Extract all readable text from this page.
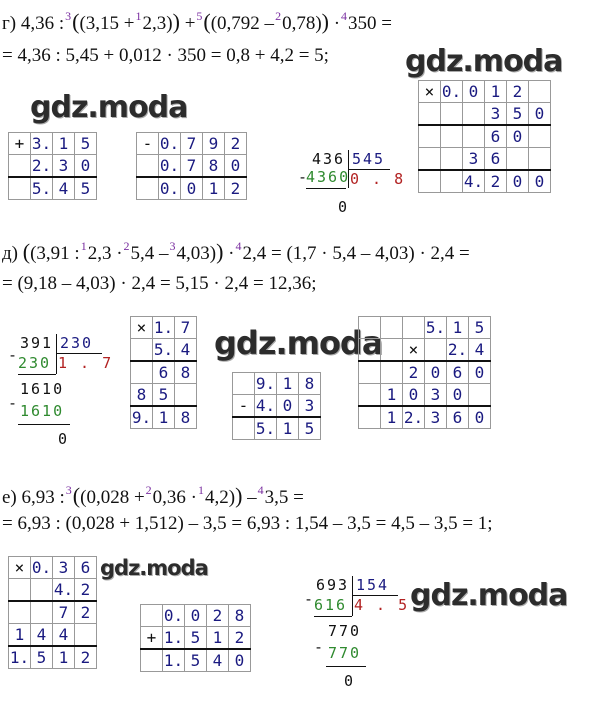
г) 4,36 :$^3$((3,15 +$^1$2,3)) +$^5$((0,792 –$^2$0,78)) ·$^4$350 =
= 4,36 : 5,45 + 0,012 · 350 = 0,8 + 4,2 = 5;	gdz.moda
gdz.moda
+	3.	1	5
	2.	3	0
	5.	4	5
-	0.	7	9	2
	0.	7	8	0
	0.	0	1	2
436 545
-
4360 0 . 8
0
×	0.	0	1	2	
			3	5	0
			6	0	
		3	6		
		4.	2	0	0
д) ((3,91 :$^1$2,3 ·$^2$5,4 –$^3$4,03)) ·$^4$2,4 = (1,7 · 5,4 – 4,03) · 2,4 =
= (9,18 – 4,03) · 2,4 = 5,15 · 2,4 = 12,36;
391 230
-
230 1 . 7
1610
- 1610
0
×	1.	7
	5.	4
	6	8
8	5	
9.	1	8
gdz.moda
	9.	1	8
-	4.	0	3
	5.	1	5
			5.	1	5
		×		2.	4
		2	0	6	0
	1	0	3	0	
	1	2.	3	6	0
е) 6,93 :$^3$((0,028 +$^2$0,36 ·$^1$4,2)) –$^4$3,5 =
= 6,93 : (0,028 + 1,512) – 3,5 = 6,93 : 1,54 – 3,5 = 4,5 – 3,5 = 1;
×	0.	3	6
		4.	2
		7	2
1	4	4	
1.	5	1	2
gdz.moda
	0.	0	2	8
+	1.	5	1	2
	1.	5	4	0
693 154
-
616 4 . 5
770
- 770
0
gdz.moda
